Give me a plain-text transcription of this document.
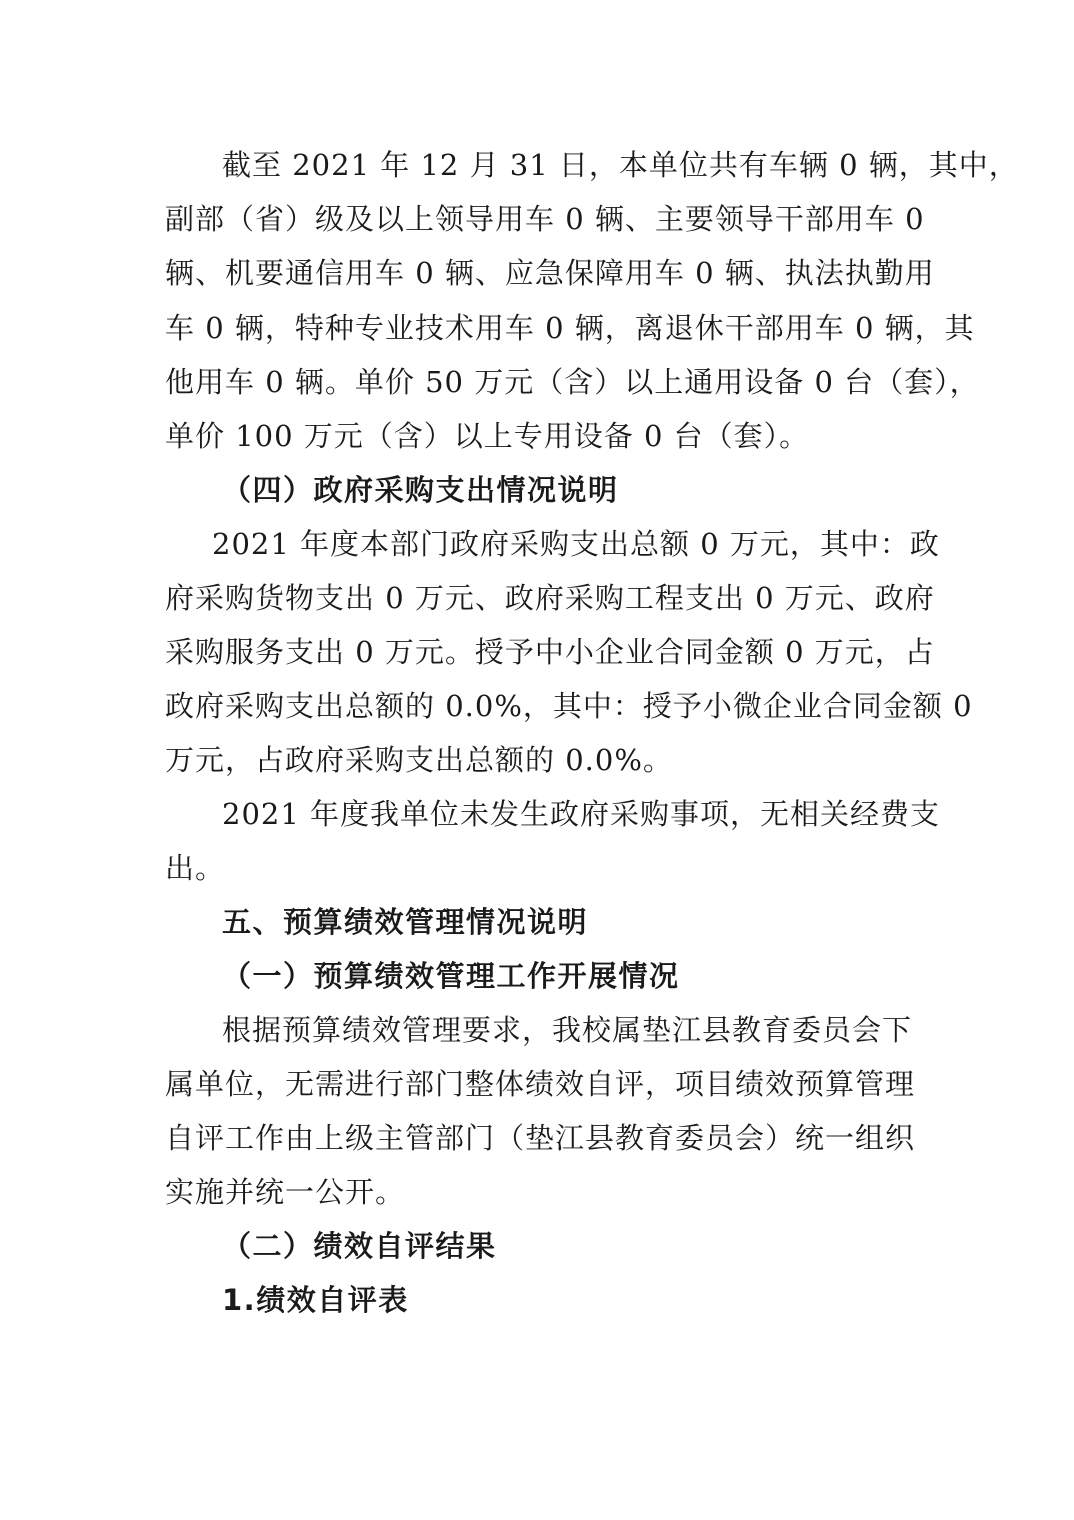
截至 2021 年 12 月 31 日，本单位共有车辆 0 辆，其中，
副部（省）级及以上领导用车 0 辆、主要领导干部用车 0
辆、机要通信用车 0 辆、应急保障用车 0 辆、执法执勤用
车 0 辆，特种专业技术用车 0 辆，离退休干部用车 0 辆，其
他用车 0 辆。单价 50 万元（含）以上通用设备 0 台（套），
单价 100 万元（含）以上专用设备 0 台（套）。
（四）政府采购支出情况说明
2021 年度本部门政府采购支出总额 0 万元，其中：政
府采购货物支出 0 万元、政府采购工程支出 0 万元、政府
采购服务支出 0 万元。授予中小企业合同金额 0 万元，占
政府采购支出总额的 0.0%，其中：授予小微企业合同金额 0
万元，占政府采购支出总额的 0.0%。
2021 年度我单位未发生政府采购事项，无相关经费支
出。
五、预算绩效管理情况说明
（一）预算绩效管理工作开展情况
根据预算绩效管理要求，我校属垫江县教育委员会下
属单位，无需进行部门整体绩效自评，项目绩效预算管理
自评工作由上级主管部门（垫江县教育委员会）统一组织
实施并统一公开。
（二）绩效自评结果
1.绩效自评表
